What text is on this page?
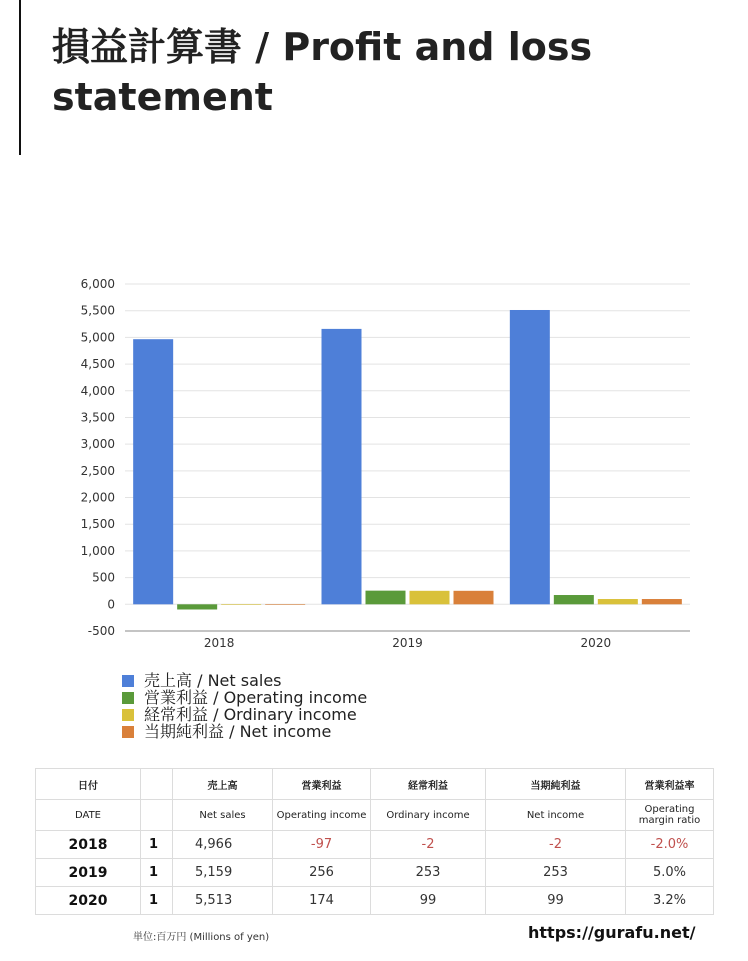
損益計算書 / Profit and loss statement
6,000
5,500
5,000
4,500
4,000
3,500
3,000
2,500
2,000
1,500
1,000
500
0
-500
2018	2019	2020
売上高 / Net sales
営業利益 / Operating income
経常利益 / Ordinary income
当期純利益 / Net income
日付		売上高	営業利益	経常利益	当期純利益	営業利益率
DATE		Net sales	Operating income	Ordinary income	Net income	Operating margin ratio
2018	1	4,966	-97	-2	-2	-2.0%
2019	1	5,159	256	253	253	5.0%
2020	1	5,513	174	99	99	3.2%
単位:百万円 (Millions of yen)	https://gurafu.net/
